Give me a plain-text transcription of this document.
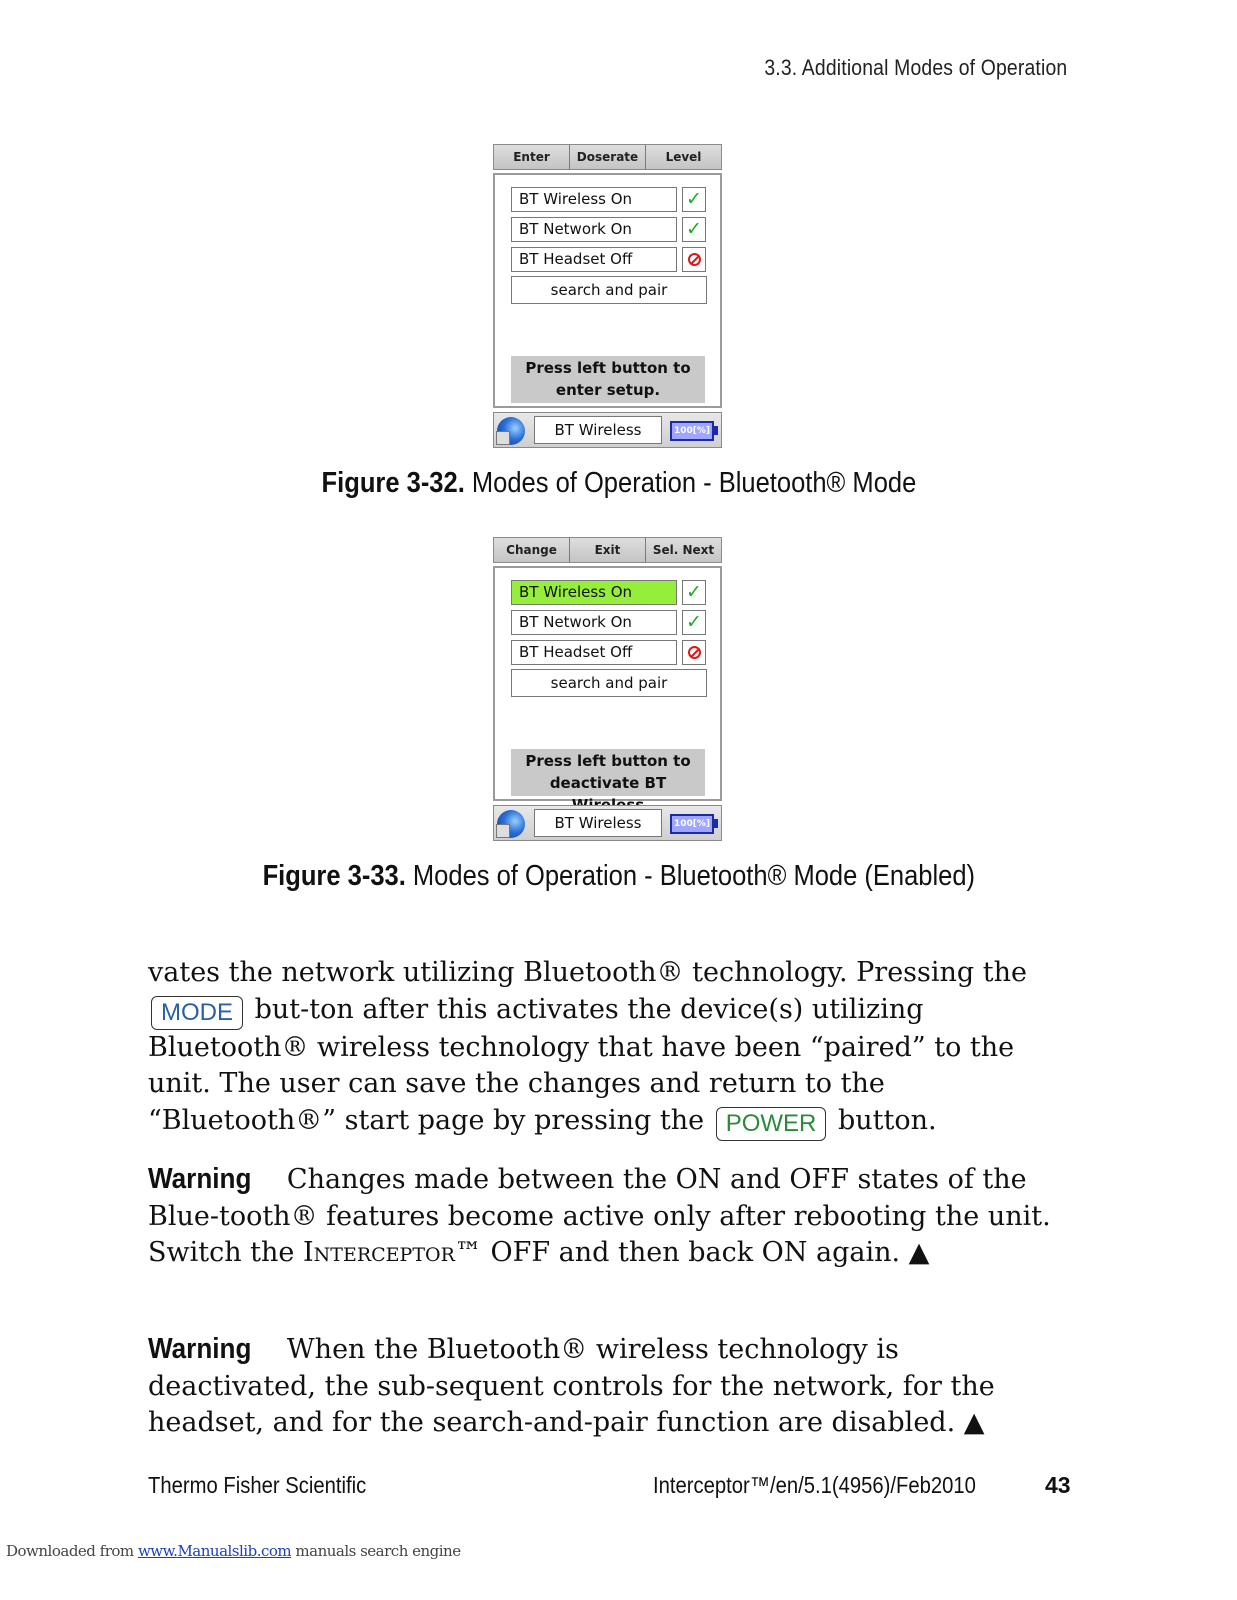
3.3. Additional Modes of Operation
Enter	Doserate	Level
BT Wireless On	✓
BT Network On	✓
BT Headset Off
search and pair
Press left button to
enter setup.
BT Wireless	100[%]
Figure 3-32. Modes of Operation - Bluetooth® Mode
Change	Exit	Sel. Next
BT Wireless On	✓
BT Network On	✓
BT Headset Off
search and pair
Press left button to
deactivate BT
BT Wireless	100[%]
Figure 3-33. Modes of Operation - Bluetooth® Mode (Enabled)
vates the network utilizing Bluetooth® technology. Pressing the MODE but-ton after this activates the device(s) utilizing Bluetooth® wireless technology that have been “paired” to the unit. The user can save the changes and return to the “Bluetooth®” start page by pressing the POWER button.
Warning Changes made between the ON and OFF states of the Blue-tooth® features become active only after rebooting the unit. Switch the Interceptor™ OFF and then back ON again. ▲
Warning When the Bluetooth® wireless technology is deactivated, the sub-sequent controls for the network, for the headset, and for the search-and-pair function are disabled. ▲
Thermo Fisher Scientific	Interceptor™/en/5.1(4956)/Feb2010	43
Downloaded from www.Manualslib.com manuals search engine
